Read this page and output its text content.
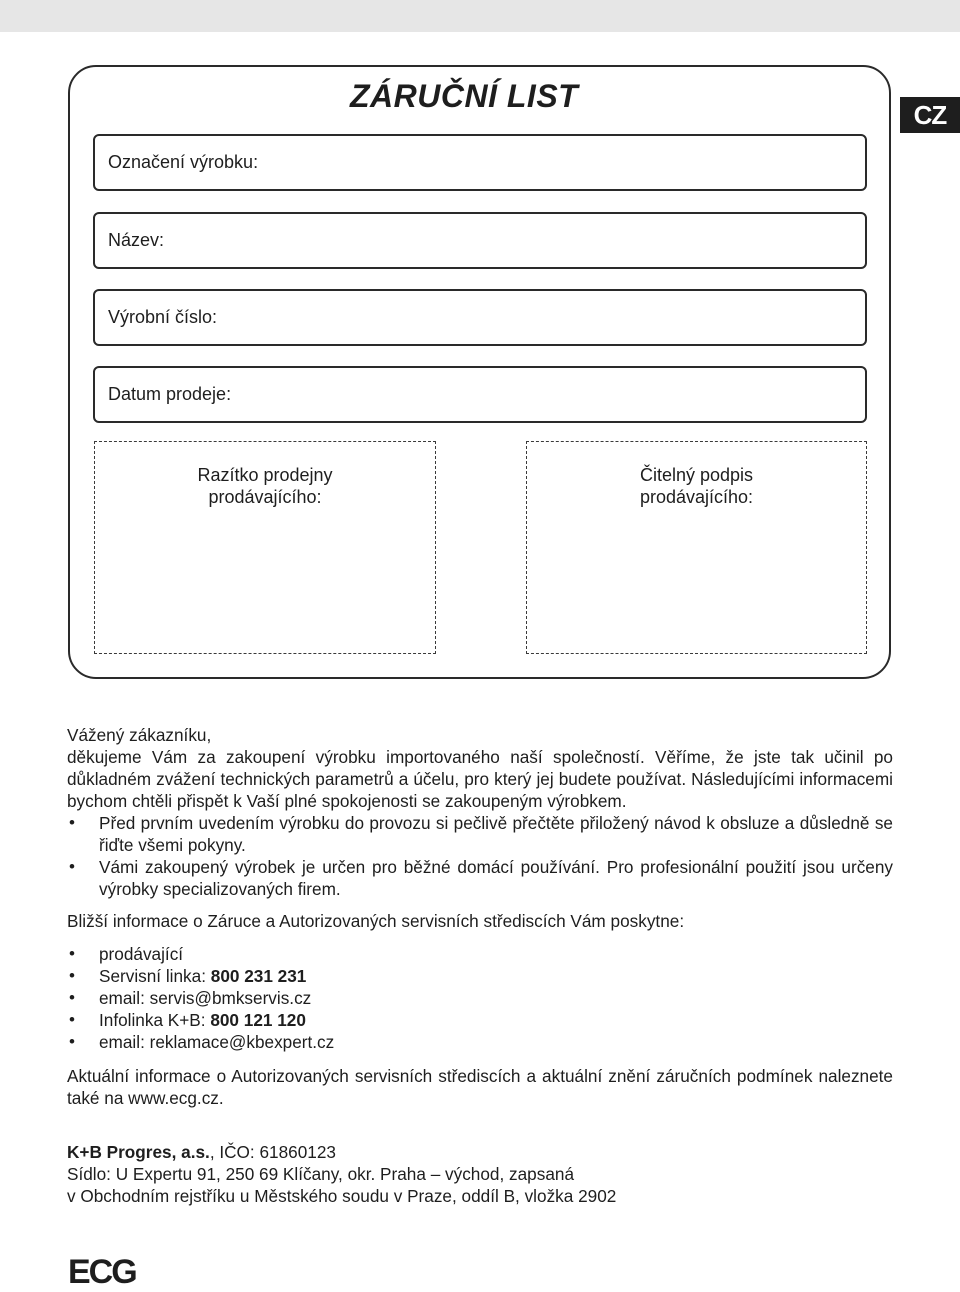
CZ
ZÁRUČNÍ LIST
Označení výrobku:
Název:
Výrobní číslo:
Datum prodeje:
Razítko prodejny
prodávajícího:
Čitelný podpis
prodávajícího:
Vážený zákazníku,
děkujeme Vám za zakoupení výrobku importovaného naší společností. Věříme, že jste tak učinil po důkladném zvážení technických parametrů a účelu, pro který jej budete používat. Následujícími informacemi bychom chtěli přispět k Vaší plné spokojenosti se zakoupeným výrobkem.
• Před prvním uvedením výrobku do provozu si pečlivě přečtěte přiložený návod k obsluze a důsledně se řiďte všemi pokyny.
• Vámi zakoupený výrobek je určen pro běžné domácí používání. Pro profesionální použití jsou určeny výrobky specializovaných firem.
Bližší informace o Záruce a Autorizovaných servisních střediscích Vám poskytne:
• prodávající
• Servisní linka: 800 231 231
• email: servis@bmkservis.cz
• Infolinka K+B: 800 121 120
• email: reklamace@kbexpert.cz
Aktuální informace o Autorizovaných servisních střediscích a aktuální znění záručních podmínek naleznete také na www.ecg.cz.
K+B Progres, a.s., IČO: 61860123
Sídlo: U Expertu 91, 250 69 Klíčany, okr. Praha – východ, zapsaná
v Obchodním rejstříku u Městského soudu v Praze, oddíl B, vložka 2902
ECG
